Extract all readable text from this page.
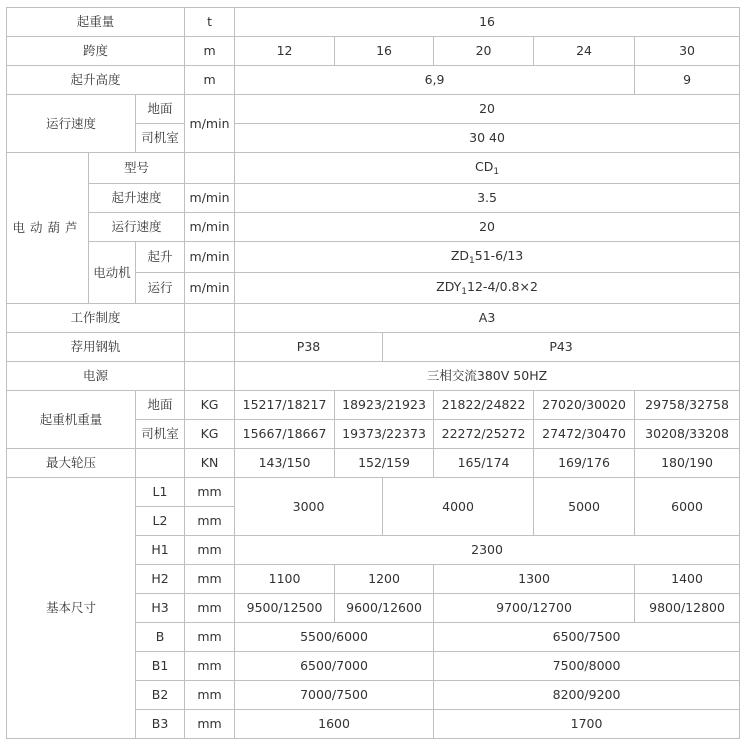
起重量			t	16						
跨度			m	12	16		20	24	30	
起升高度			m	6,9					9	
运行速度		地面	m/min	20						
		司机室		30 40						
电动葫芦	型号			$CD_1$
	起升速度		m/min	3.5						
	运行速度		m/min	20						
	电动机	起升	m/min	$ZD_151-6/13$						
		运行	m/min	$ZDY_112-4/0.8\times 2$						
工作制度				A3						
荐用钢轨				P38		P43				
电源				三相交流380V 50HZ						
起重机重量		地面	KG	15217/18217	18923/21923		21822/24822	27020/30020	29758/32758	
		司机室	KG	15667/18667	19373/22373		22272/25272	27472/30470	30208/33208	
最大轮压			KN	143/150	152/159		165/174	169/176	180/190	
基本尺寸		L1	mm	3000		4000		5000	6000	
		L2	mm							
		H1	mm	2300						
		H2	mm	1100	1200		1300		1400	
		H3	mm	9500/12500	9600/12600		9700/12700		9800/12800	
		B	mm	5500/6000			6500/7500			
		B1	mm	6500/7000			7500/8000			
		B2	mm	7000/7500			8200/9200			
		B3	mm	1600			1700			
